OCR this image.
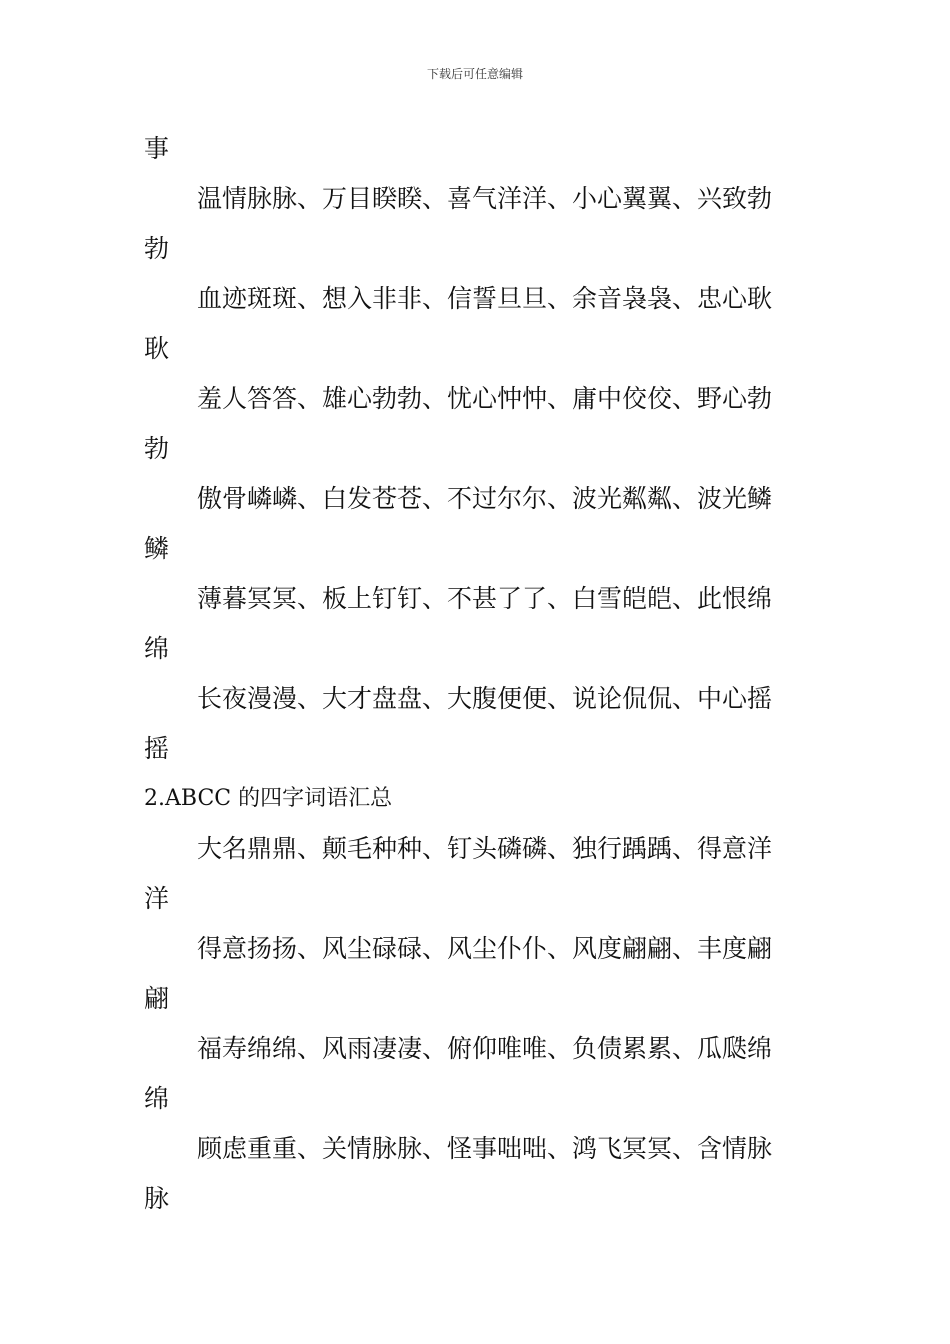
下载后可任意编辑
事
温情脉脉、万目睽睽、喜气洋洋、小心翼翼、兴致勃
勃
血迹斑斑、想入非非、信誓旦旦、余音袅袅、忠心耿
耿
羞人答答、雄心勃勃、忧心忡忡、庸中佼佼、野心勃
勃
傲骨嶙嶙、白发苍苍、不过尔尔、波光粼粼、波光鳞
鳞
薄暮冥冥、板上钉钉、不甚了了、白雪皑皑、此恨绵
绵
长夜漫漫、大才盘盘、大腹便便、说论侃侃、中心摇
摇
2.ABCC 的四字词语汇总
大名鼎鼎、颠毛种种、钉头磷磷、独行踽踽、得意洋
洋
得意扬扬、风尘碌碌、风尘仆仆、风度翩翩、丰度翩
翩
福寿绵绵、风雨凄凄、俯仰唯唯、负债累累、瓜瓞绵
绵
顾虑重重、关情脉脉、怪事咄咄、鸿飞冥冥、含情脉
脉
